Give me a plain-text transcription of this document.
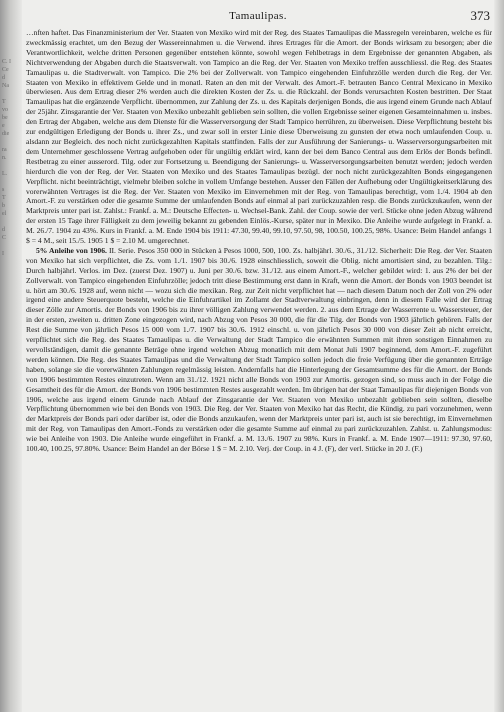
C. I
Ce
d
Na

T
vo
be
e
die

ra
n.

L.

s
T
b
el

d
C

I
Tamaulipas.	373

…nften haftet. Das Finanzministerium der Ver. Staaten von Mexiko wird mit der Reg. des Staates Tamaulipas die Massregeln vereinbaren, welche es für zweckmässig erachtet, um den Bezug der Wassereinnahmen u. die Verwend. ihres Ertrages für die Amort. der Bonds wirksam zu besorgen; aber die Verantwortlichkeit, welche dritten Personen gegenüber entstehen könnte, sowohl wegen Fehlbetrags in dem Ergebnisse der genannten Abgaben, als Nichtverwendung der Abgaben durch die Staatsverwalt. von Tampico an die Reg. der Ver. Staaten von Mexiko treffen ausschliessl. die Reg. des Staates Tamaulipas u. die Stadtverwalt. von Tampico. Die 2% bei der Zollverwalt. von Tampico eingehenden Einfuhrzölle werden durch die Reg. der Ver. Staaten von Mexiko in effektivem Gelde und in monatl. Raten an den mit der Verwalt. des Amort.-F. betrauten Banco Central Mexicano in Mexiko überwiesen. Aus dem Ertrag dieser 2% werden auch die direkten Kosten der Zs. u. die Rückzahl. der Bonds verursachten Kosten bestritten. Der Staat Tamaulipas hat die ergänzende Verpflicht. übernommen, zur Zahlung der Zs. u. des Kapitals derjenigen Bonds, die aus irgend einem Grunde nach Ablauf der 25jähr. Zinsgarantie der Ver. Staaten von Mexiko unbezahlt geblieben sein sollten, die vollen Ergebnisse seiner eigenen Gesamteinnahmen u. insbes. den Ertrag der Abgaben, welche aus dem Dienste für die Wasserversorgung der Stadt Tampico herrühren, zu überweisen. Diese Verpflichtung besteht bis zur endgültigen Erledigung der Bonds u. ihrer Zs., und zwar soll in erster Linie diese Überweisung zu gunsten der etwa noch umlaufenden Coup. u. alsdann zur Begleich. des noch nicht zurückgezahlten Kapitals stattfinden. Falls der zur Ausführung der Sanierungs- u. Wasserversorgungsarbeiten mit dem Unternehmer geschlossene Vertrag aufgehoben oder für ungültig erklärt wird, kann der bei dem Banco Central aus dem Erlös der Bonds befindl. Restbetrag zu einer ausserord. Tilg. oder zur Fortsetzung u. Beendigung der Sanierungs- u. Wasserversorgungsarbeiten benutzt werden; jedoch werden hierdurch die von der Reg. der Ver. Staaten von Mexiko und des Staates Tamaulipas bezügl. der noch nicht zurückgezahlten Bonds eingegangenen Verpflicht. nicht beeinträchtigt, vielmehr bleiben solche in vollem Umfange bestehen. Ausser den Fällen der Aufhebung oder Ungültigkeitserklärung des vorerwähnten Vertrages ist die Reg. der Ver. Staaten von Mexiko im Einvernehmen mit der Reg. von Tamaulipas berechtigt, vom 1./4. 1904 ab den Amort.-F. zu verstärken oder die gesamte Summe der umlaufenden Bonds auf einmal al pari zurückzuzahlen resp. die Bonds zurückzukaufen, wenn der Marktpreis unter pari ist. Zahlst.: Frankf. a. M.: Deutsche Effecten- u. Wechsel-Bank. Zahl. der Coup. sowie der verl. Stücke ohne jeden Abzug während der ersten 15 Tage ihrer Fälligkeit zu dem jeweilig bekannt zu gebenden Einlös.-Kurse, später nur in Mexiko. Die Anleihe wurde aufgelegt in Frankf. a. M. 26./7. 1904 zu 43%. Kurs in Frankf. a. M. Ende 1904 bis 1911: 47.30, 99.40, 99.10, 97.50, 98, 100.50, 100.25, 98%. Usance: Beim Handel anfangs 1 $ = 4 M., seit 15./5. 1905 1 $ = 2.10 M. umgerechnet.

5% Anleihe von 1906. II. Serie. Pesos 350 000 in Stücken à Pesos 1000, 500, 100. Zs. halbjährl. 30./6., 31./12. Sicherheit: Die Reg. der Ver. Staaten von Mexiko hat sich verpflichtet, die Zs. vom 1./1. 1907 bis 30./6. 1928 einschliesslich, soweit die Oblig. nicht amortisiert sind, zu bezahlen. Tilg.: Durch halbjährl. Verlos. im Dez. (zuerst Dez. 1907) u. Juni per 30./6. bzw. 31./12. aus einem Amort.-F., welcher gebildet wird: 1. aus 2% der bei der Zollverwalt. von Tampico eingehenden Einfuhrzölle; jedoch tritt diese Bestimmung erst dann in Kraft, wenn die Amort. der Bonds von 1903 beendet ist u. hört am 30./6. 1928 auf, wenn nicht — wozu sich die mexikan. Reg. zur Zeit nicht verpflichtet hat — nach diesem Datum noch der Zoll von 2% oder irgend eine andere Steuerquote besteht, welche die Einfuhrartikel im Zollamt der Stadtverwaltung einbringen, denn in diesem Falle wird der Ertrag dieser Zölle zur Amortis. der Bonds von 1906 bis zu ihrer völligen Zahlung verwendet werden. 2. aus dem Ertrage der Wasserrente u. Wassersteuer, der in der ersten, zweiten u. dritten Zone eingezogen wird, nach Abzug von Pesos 30 000, die für die Tilg. der Bonds von 1903 jährlich gehören. Falls der Rest die Summe von jährlich Pesos 15 000 vom 1./7. 1907 bis 30./6. 1912 einschl. u. von jährlich Pesos 30 000 von dieser Zeit ab nicht erreicht, verpflichtet sich die Reg. des Staates Tamaulipas u. die Verwaltung der Stadt Tampico die erwähnten Summen mit ihren sonstigen Einnahmen zu vervollständigen, damit die genannte Beträge ohne irgend welchen Abzug monatlich mit dem Monat Juli 1907 beginnend, dem Amort.-F. zugeführt werden können. Die Reg. des Staates Tamaulipas und die Verwaltung der Stadt Tampico sollen jedoch die freie Verfügung über die genannten Erträge haben, solange sie die vorerwähnten Zahlungen regelmässig leisten. Andernfalls hat die Hinterlegung der Gesamtsumme des für die Amort. der Bonds von 1906 bestimmten Restes einzutreten. Wenn am 31./12. 1921 nicht alle Bonds von 1903 zur Amortis. gezogen sind, so muss auch in der Folge die Gesamtheit des für die Amort. der Bonds von 1906 bestimmten Restes ausgezahlt werden. Im übrigen hat der Staat Tamaulipas für diejenigen Bonds von 1906, welche aus irgend einem Grunde nach Ablauf der Zinsgarantie der Ver. Staaten von Mexiko unbezahlt geblieben sein sollten, dieselbe Verpflichtung übernommen wie bei den Bonds von 1903. Die Reg. der Ver. Staaten von Mexiko hat das Recht, die Kündig. zu pari vorzunehmen, wenn der Marktpreis der Bonds pari oder darüber ist, oder die Bonds anzukaufen, wenn der Marktpreis unter pari ist, auch ist sie berechtigt, im Einvernehmen mit der Reg. von Tamaulipas den Amort.-Fonds zu verstärken oder die gesamte Summe auf einmal zu pari zurückzuzahlen. Zahlst. u. Zahlungsmodus: wie bei Anleihe von 1903. Die Anleihe wurde eingeführt in Frankf. a. M. 13./6. 1907 zu 98%. Kurs in Frankf. a. M. Ende 1907—1911: 97.30, 97.60, 100.40, 100.25, 97.80%. Usance: Beim Handel an der Börse 1 $ = M. 2.10. Verj. der Coup. in 4 J. (F), der verl. Stücke in 20 J. (F.)
